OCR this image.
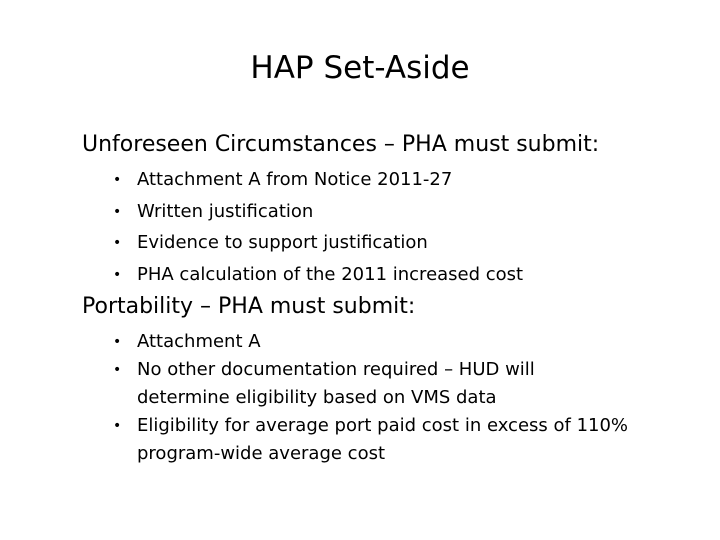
HAP Set-Aside

Unforeseen Circumstances – PHA must submit:

• Attachment A from Notice 2011-27
• Written justification
• Evidence to support justification
• PHA calculation of the 2011 increased cost

Portability – PHA must submit:

• Attachment A
• No other documentation required – HUD will
determine eligibility based on VMS data
• Eligibility for average port paid cost in excess of 110%
program-wide average cost
